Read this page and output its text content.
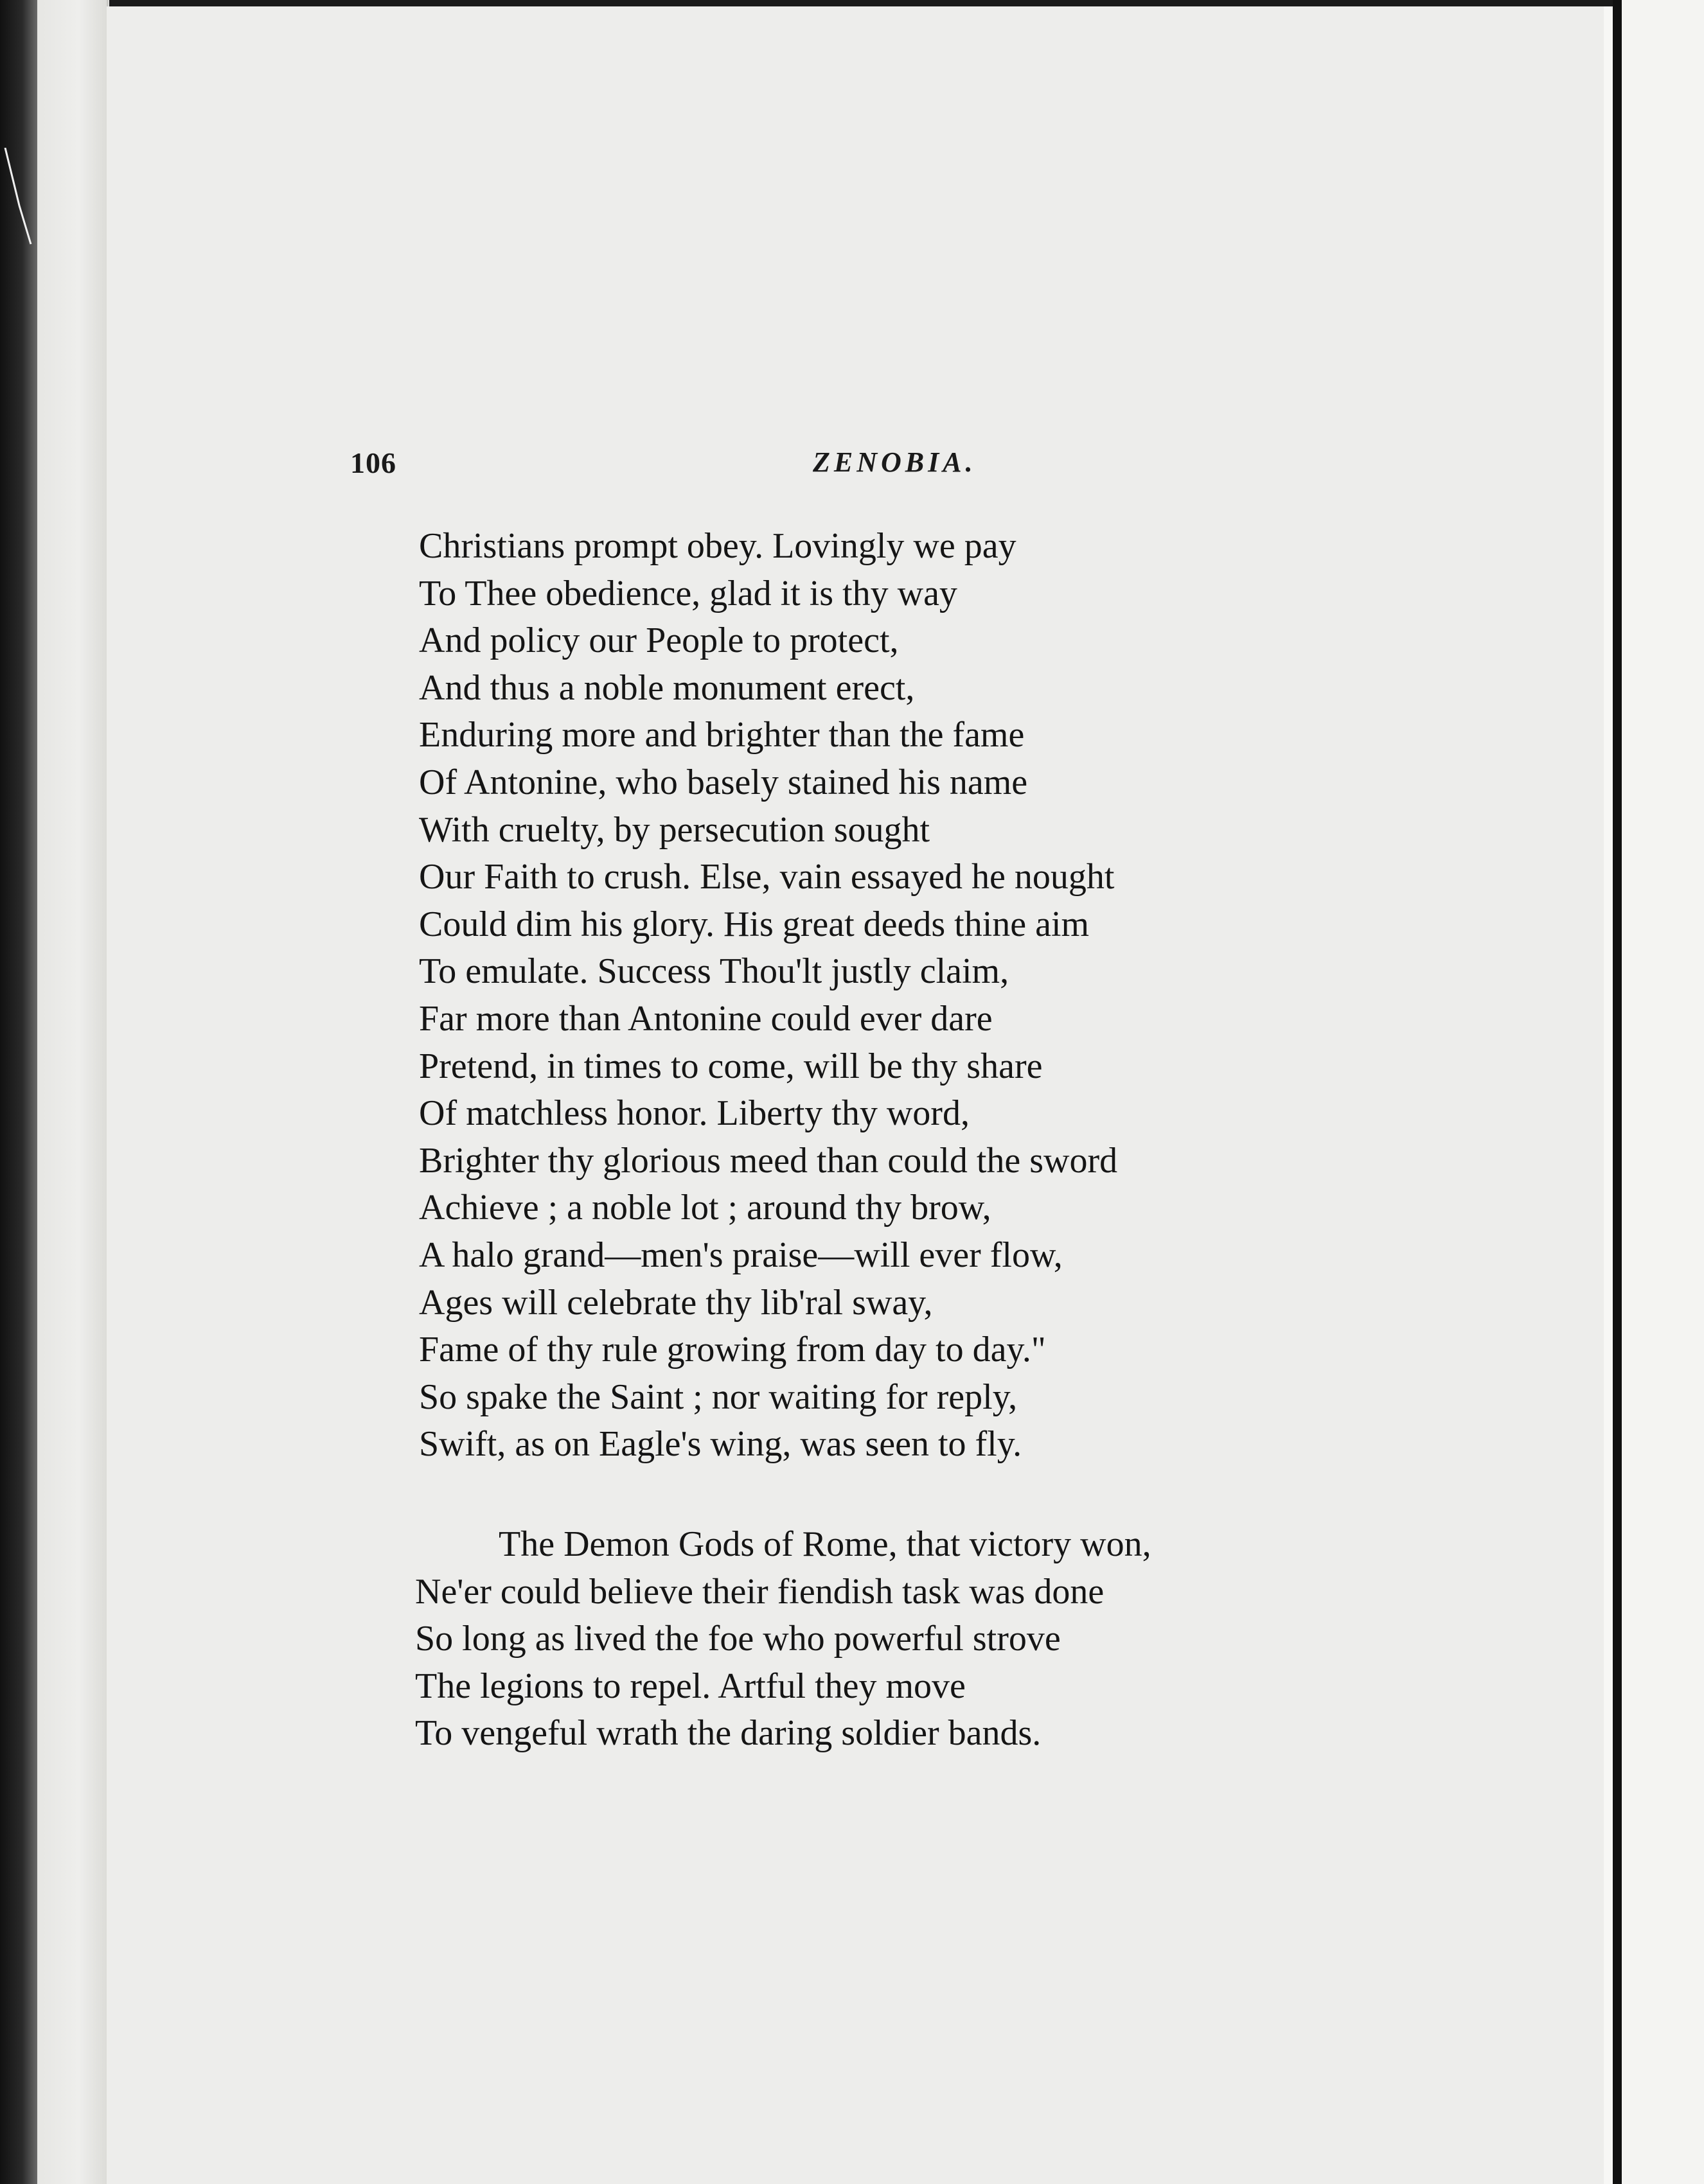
106	ZENOBIA.
Christians prompt obey. Lovingly we pay
To Thee obedience, glad it is thy way
And policy our People to protect,
And thus a noble monument erect,
Enduring more and brighter than the fame
Of Antonine, who basely stained his name
With cruelty, by persecution sought
Our Faith to crush. Else, vain essayed he nought
Could dim his glory. His great deeds thine aim
To emulate. Success Thou'lt justly claim,
Far more than Antonine could ever dare
Pretend, in times to come, will be thy share
Of matchless honor. Liberty thy word,
Brighter thy glorious meed than could the sword
Achieve ; a noble lot ; around thy brow,
A halo grand—men's praise—will ever flow,
Ages will celebrate thy lib'ral sway,
Fame of thy rule growing from day to day."
So spake the Saint ; nor waiting for reply,
Swift, as on Eagle's wing, was seen to fly.
The Demon Gods of Rome, that victory won,
Ne'er could believe their fiendish task was done
So long as lived the foe who powerful strove
The legions to repel. Artful they move
To vengeful wrath the daring soldier bands.
